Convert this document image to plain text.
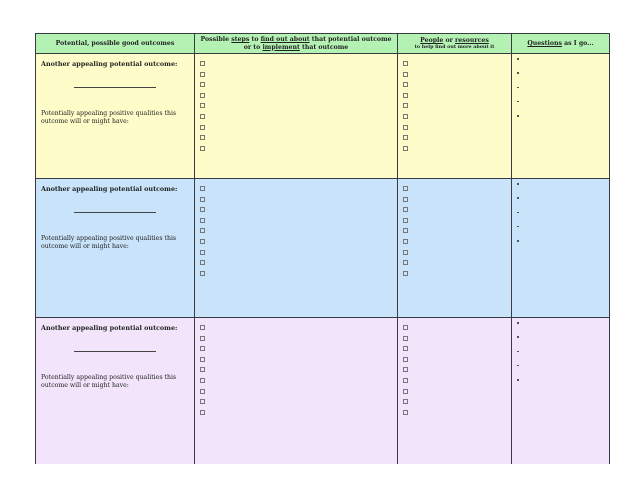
Potential, possible good outcomes
Possible steps to find out about that potential outcome
or to implement that outcome
People or resources
to help find out more about it
Questions as I go...
Another appealing potential outcome:
Potentially appealing positive qualities this outcome will or might have:
Another appealing potential outcome:
Potentially appealing positive qualities this outcome will or might have:
Another appealing potential outcome:
Potentially appealing positive qualities this outcome will or might have:
